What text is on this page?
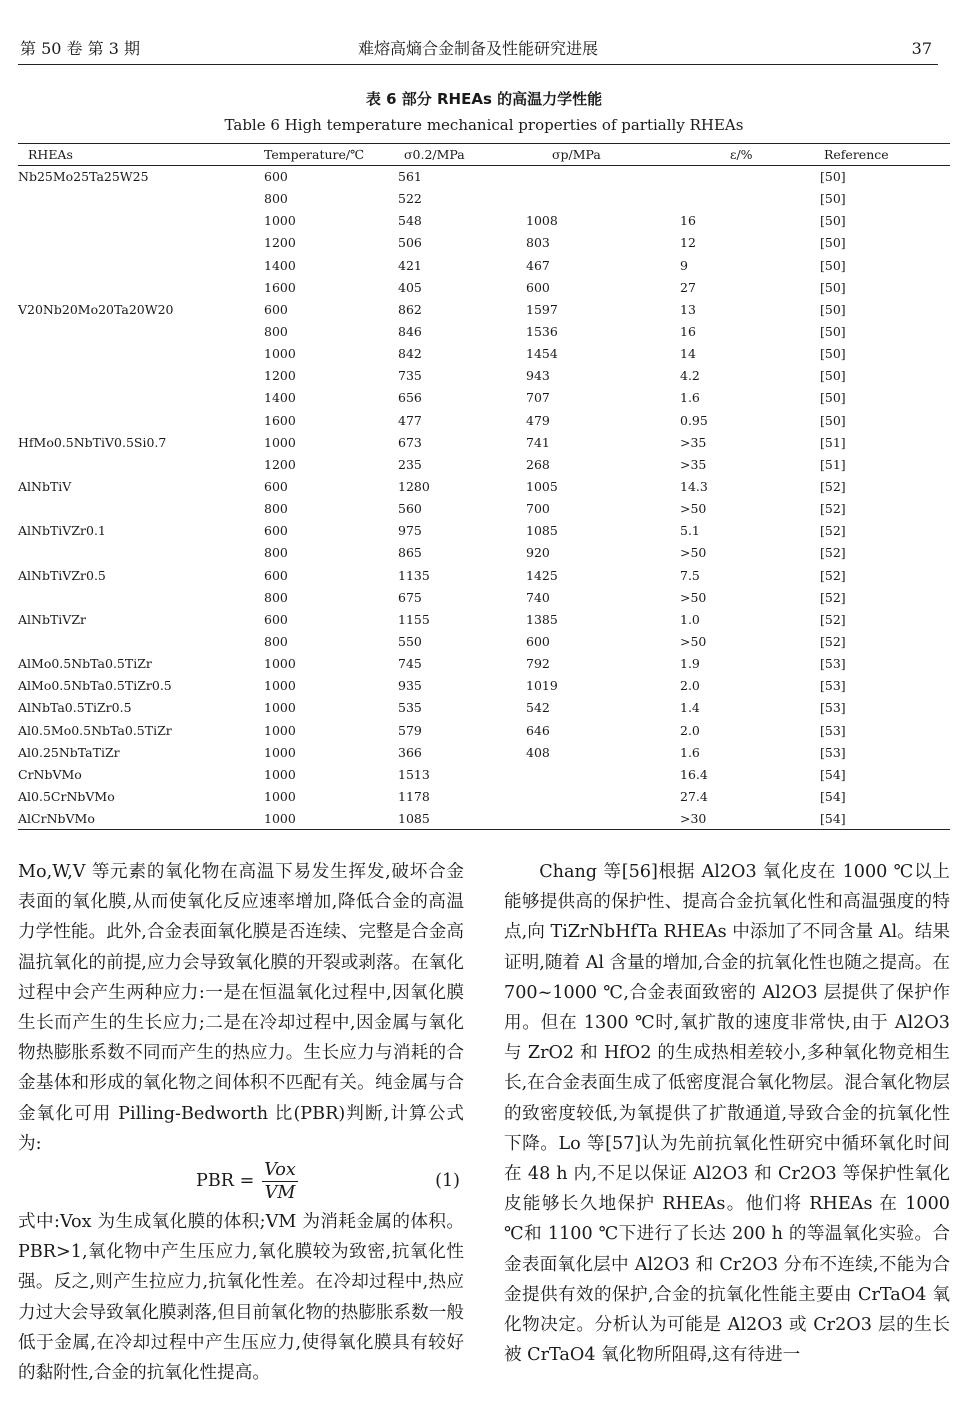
第 50 卷 第 3 期	难熔高熵合金制备及性能研究进展	37
表 6 部分 RHEAs 的高温力学性能
Table 6 High temperature mechanical properties of partially RHEAs
RHEAs	Temperature/℃	σ0.2/MPa	σp/MPa	ε/%	Reference
Nb25Mo25Ta25W25	600	561			[50]
	800	522			[50]
	1000	548	1008	16	[50]
	1200	506	803	12	[50]
	1400	421	467	9	[50]
	1600	405	600	27	[50]
V20Nb20Mo20Ta20W20	600	862	1597	13	[50]
	800	846	1536	16	[50]
	1000	842	1454	14	[50]
	1200	735	943	4.2	[50]
	1400	656	707	1.6	[50]
	1600	477	479	0.95	[50]
HfMo0.5NbTiV0.5Si0.7	1000	673	741	>35	[51]
	1200	235	268	>35	[51]
AlNbTiV	600	1280	1005	14.3	[52]
	800	560	700	>50	[52]
AlNbTiVZr0.1	600	975	1085	5.1	[52]
	800	865	920	>50	[52]
AlNbTiVZr0.5	600	1135	1425	7.5	[52]
	800	675	740	>50	[52]
AlNbTiVZr	600	1155	1385	1.0	[52]
	800	550	600	>50	[52]
AlMo0.5NbTa0.5TiZr	1000	745	792	1.9	[53]
AlMo0.5NbTa0.5TiZr0.5	1000	935	1019	2.0	[53]
AlNbTa0.5TiZr0.5	1000	535	542	1.4	[53]
Al0.5Mo0.5NbTa0.5TiZr	1000	579	646	2.0	[53]
Al0.25NbTaTiZr	1000	366	408	1.6	[53]
CrNbVMo	1000	1513		16.4	[54]
Al0.5CrNbVMo	1000	1178		27.4	[54]
AlCrNbVMo	1000	1085		>30	[54]

Mo,W,V 等元素的氧化物在高温下易发生挥发,破坏合金表面的氧化膜,从而使氧化反应速率增加,降低合金的高温力学性能。此外,合金表面氧化膜是否连续、完整是合金高温抗氧化的前提,应力会导致氧化膜的开裂或剥落。在氧化过程中会产生两种应力:一是在恒温氧化过程中,因氧化膜生长而产生的生长应力;二是在冷却过程中,因金属与氧化物热膨胀系数不同而产生的热应力。生长应力与消耗的合金基体和形成的氧化物之间体积不匹配有关。纯金属与合金氧化可用 Pilling-Bedworth 比(PBR)判断,计算公式为:

PBR =
Vox
VM
(1)

式中:Vox 为生成氧化膜的体积;VM 为消耗金属的体积。PBR>1,氧化物中产生压应力,氧化膜较为致密,抗氧化性强。反之,则产生拉应力,抗氧化性差。在冷却过程中,热应力过大会导致氧化膜剥落,但目前氧化物的热膨胀系数一般低于金属,在冷却过程中产生压应力,使得氧化膜具有较好的黏附性,合金的抗氧化性提高。

Chang 等[56]根据 Al2O3 氧化皮在 1000 ℃以上能够提供高的保护性、提高合金抗氧化性和高温强度的特点,向 TiZrNbHfTa RHEAs 中添加了不同含量 Al。结果证明,随着 Al 含量的增加,合金的抗氧化性也随之提高。在 700~1000 ℃,合金表面致密的 Al2O3 层提供了保护作用。但在 1300 ℃时,氧扩散的速度非常快,由于 Al2O3 与 ZrO2 和 HfO2 的生成热相差较小,多种氧化物竞相生长,在合金表面生成了低密度混合氧化物层。混合氧化物层的致密度较低,为氧提供了扩散通道,导致合金的抗氧化性下降。Lo 等[57]认为先前抗氧化性研究中循环氧化时间在 48 h 内,不足以保证 Al2O3 和 Cr2O3 等保护性氧化皮能够长久地保护 RHEAs。他们将 RHEAs 在 1000 ℃和 1100 ℃下进行了长达 200 h 的等温氧化实验。合金表面氧化层中 Al2O3 和 Cr2O3 分布不连续,不能为合金提供有效的保护,合金的抗氧化性能主要由 CrTaO4 氧化物决定。分析认为可能是 Al2O3 或 Cr2O3 层的生长被 CrTaO4 氧化物所阻碍,这有待进一
